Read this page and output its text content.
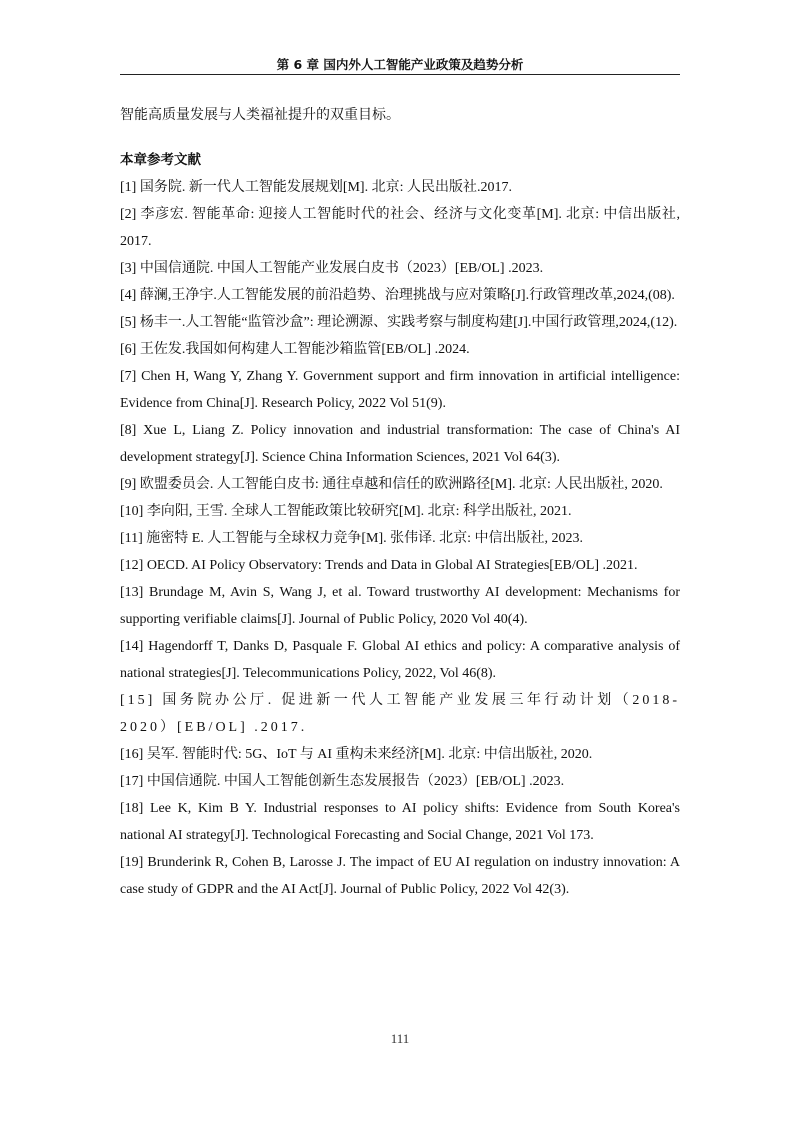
第 6 章 国内外人工智能产业政策及趋势分析

智能高质量发展与人类福祉提升的双重目标。

本章参考文献
[1] 国务院. 新一代人工智能发展规划[M]. 北京: 人民出版社.2017.
[2] 李彦宏. 智能革命: 迎接人工智能时代的社会、经济与文化变革[M]. 北京: 中信出版社, 2017.
[3] 中国信通院. 中国人工智能产业发展白皮书（2023）[EB/OL] .2023.
[4] 薛澜,王净宇.人工智能发展的前沿趋势、治理挑战与应对策略[J].行政管理改革,2024,(08).
[5] 杨丰一.人工智能“监管沙盒”: 理论溯源、实践考察与制度构建[J].中国行政管理,2024,(12).
[6] 王佐发.我国如何构建人工智能沙箱监管[EB/OL] .2024.
[7] Chen H, Wang Y, Zhang Y. Government support and firm innovation in artificial intelligence: Evidence from China[J]. Research Policy, 2022 Vol 51(9).
[8] Xue L, Liang Z. Policy innovation and industrial transformation: The case of China's AI development strategy[J]. Science China Information Sciences, 2021 Vol 64(3).
[9] 欧盟委员会. 人工智能白皮书: 通往卓越和信任的欧洲路径[M]. 北京: 人民出版社, 2020.
[10] 李向阳, 王雪. 全球人工智能政策比较研究[M]. 北京: 科学出版社, 2021.
[11] 施密特 E. 人工智能与全球权力竞争[M]. 张伟译. 北京: 中信出版社, 2023.
[12] OECD. AI Policy Observatory: Trends and Data in Global AI Strategies[EB/OL] .2021.
[13] Brundage M, Avin S, Wang J, et al. Toward trustworthy AI development: Mechanisms for supporting verifiable claims[J]. Journal of Public Policy, 2020 Vol 40(4).
[14] Hagendorff T, Danks D, Pasquale F. Global AI ethics and policy: A comparative analysis of national strategies[J]. Telecommunications Policy, 2022, Vol 46(8).
[15] 国务院办公厅. 促进新一代人工智能产业发展三年行动计划（2018-2020）[EB/OL] .2017.
[16] 吴军. 智能时代: 5G、IoT 与 AI 重构未来经济[M]. 北京: 中信出版社, 2020.
[17] 中国信通院. 中国人工智能创新生态发展报告（2023）[EB/OL] .2023.
[18] Lee K, Kim B Y. Industrial responses to AI policy shifts: Evidence from South Korea's national AI strategy[J]. Technological Forecasting and Social Change, 2021 Vol 173.
[19] Brunderink R, Cohen B, Larosse J. The impact of EU AI regulation on industry innovation: A case study of GDPR and the AI Act[J]. Journal of Public Policy, 2022 Vol 42(3).
111
